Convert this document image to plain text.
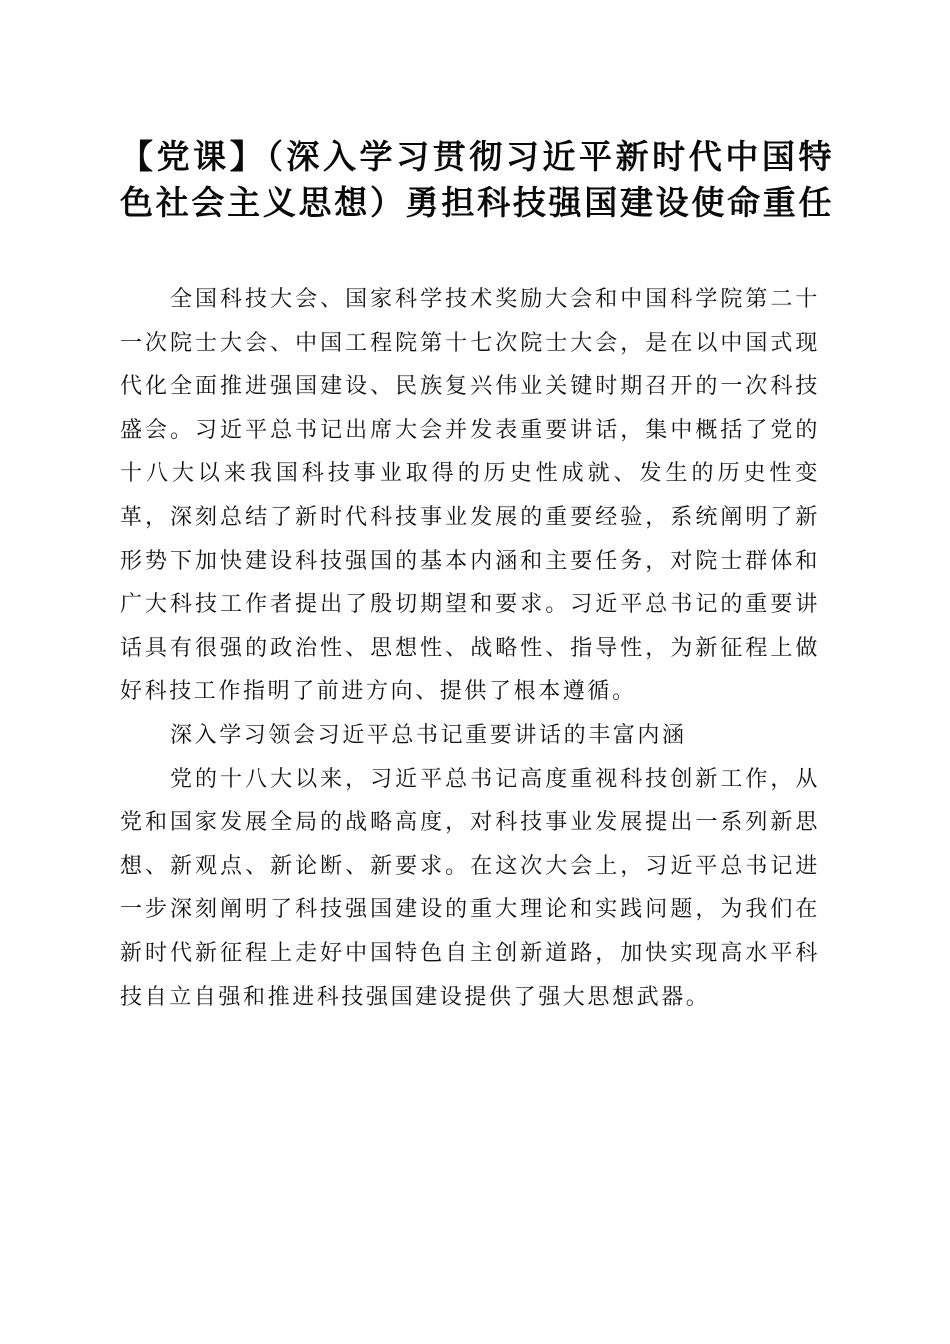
【党课】（深入学习贯彻习近平新时代中国特
色社会主义思想）勇担科技强国建设使命重任

全国科技大会、国家科学技术奖励大会和中国科学院第二十一次院士大会、中国工程院第十七次院士大会，是在以中国式现代化全面推进强国建设、民族复兴伟业关键时期召开的一次科技盛会。习近平总书记出席大会并发表重要讲话，集中概括了党的十八大以来我国科技事业取得的历史性成就、发生的历史性变革，深刻总结了新时代科技事业发展的重要经验，系统阐明了新形势下加快建设科技强国的基本内涵和主要任务，对院士群体和广大科技工作者提出了殷切期望和要求。习近平总书记的重要讲话具有很强的政治性、思想性、战略性、指导性，为新征程上做好科技工作指明了前进方向、提供了根本遵循。

深入学习领会习近平总书记重要讲话的丰富内涵

党的十八大以来，习近平总书记高度重视科技创新工作，从党和国家发展全局的战略高度，对科技事业发展提出一系列新思想、新观点、新论断、新要求。在这次大会上，习近平总书记进一步深刻阐明了科技强国建设的重大理论和实践问题，为我们在新时代新征程上走好中国特色自主创新道路，加快实现高水平科技自立自强和推进科技强国建设提供了强大思想武器。
